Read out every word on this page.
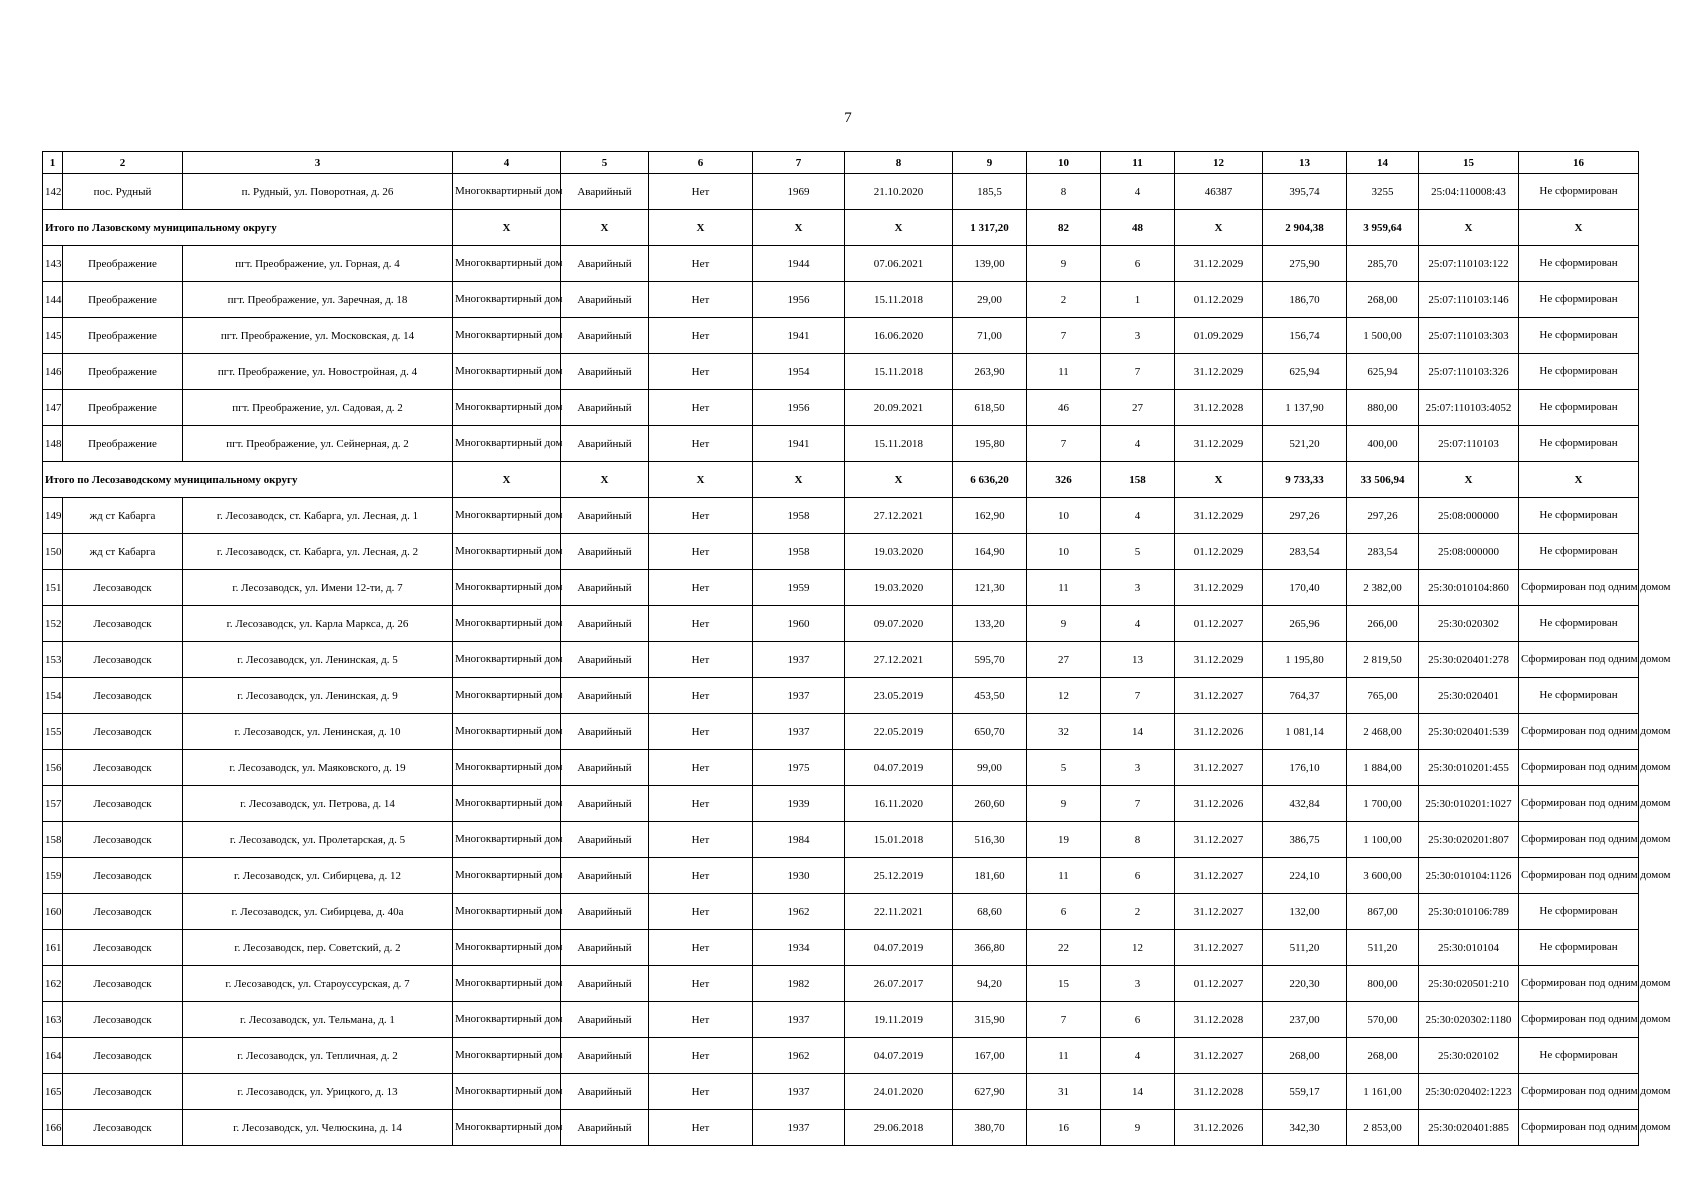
7
1	2	3	4	5	6	7	8	9	10	11	12	13	14	15	16
142	пос. Рудный	п. Рудный, ул. Поворотная, д. 26	Многоквартирный дом	Аварийный	Нет	1969	21.10.2020	185,5	8	4	46387	395,74	3255	25:04:110008:43	Не сформирован
Итого по Лазовскому муниципальному округу			X	X	X	X	X	1 317,20	82	48	X	2 904,38	3 959,64	X	X
143	Преображение	пгт. Преображение, ул. Горная, д. 4	Многоквартирный дом	Аварийный	Нет	1944	07.06.2021	139,00	9	6	31.12.2029	275,90	285,70	25:07:110103:122	Не сформирован
144	Преображение	пгт. Преображение, ул. Заречная, д. 18	Многоквартирный дом	Аварийный	Нет	1956	15.11.2018	29,00	2	1	01.12.2029	186,70	268,00	25:07:110103:146	Не сформирован
145	Преображение	пгт. Преображение, ул. Московская, д. 14	Многоквартирный дом	Аварийный	Нет	1941	16.06.2020	71,00	7	3	01.09.2029	156,74	1 500,00	25:07:110103:303	Не сформирован
146	Преображение	пгт. Преображение, ул. Новостройная, д. 4	Многоквартирный дом	Аварийный	Нет	1954	15.11.2018	263,90	11	7	31.12.2029	625,94	625,94	25:07:110103:326	Не сформирован
147	Преображение	пгт. Преображение, ул. Садовая, д. 2	Многоквартирный дом	Аварийный	Нет	1956	20.09.2021	618,50	46	27	31.12.2028	1 137,90	880,00	25:07:110103:4052	Не сформирован
148	Преображение	пгт. Преображение, ул. Сейнерная, д. 2	Многоквартирный дом	Аварийный	Нет	1941	15.11.2018	195,80	7	4	31.12.2029	521,20	400,00	25:07:110103	Не сформирован
Итого по Лесозаводскому муниципальному округу			X	X	X	X	X	6 636,20	326	158	X	9 733,33	33 506,94	X	X
149	жд ст Кабарга	г. Лесозаводск, ст. Кабарга, ул. Лесная, д. 1	Многоквартирный дом	Аварийный	Нет	1958	27.12.2021	162,90	10	4	31.12.2029	297,26	297,26	25:08:000000	Не сформирован
150	жд ст Кабарга	г. Лесозаводск, ст. Кабарга, ул. Лесная, д. 2	Многоквартирный дом	Аварийный	Нет	1958	19.03.2020	164,90	10	5	01.12.2029	283,54	283,54	25:08:000000	Не сформирован
151	Лесозаводск	г. Лесозаводск, ул. Имени 12-ти, д. 7	Многоквартирный дом	Аварийный	Нет	1959	19.03.2020	121,30	11	3	31.12.2029	170,40	2 382,00	25:30:010104:860	Сформирован под одним домом
152	Лесозаводск	г. Лесозаводск, ул. Карла Маркса, д. 26	Многоквартирный дом	Аварийный	Нет	1960	09.07.2020	133,20	9	4	01.12.2027	265,96	266,00	25:30:020302	Не сформирован
153	Лесозаводск	г. Лесозаводск, ул. Ленинская, д. 5	Многоквартирный дом	Аварийный	Нет	1937	27.12.2021	595,70	27	13	31.12.2029	1 195,80	2 819,50	25:30:020401:278	Сформирован под одним домом
154	Лесозаводск	г. Лесозаводск, ул. Ленинская, д. 9	Многоквартирный дом	Аварийный	Нет	1937	23.05.2019	453,50	12	7	31.12.2027	764,37	765,00	25:30:020401	Не сформирован
155	Лесозаводск	г. Лесозаводск, ул. Ленинская, д. 10	Многоквартирный дом	Аварийный	Нет	1937	22.05.2019	650,70	32	14	31.12.2026	1 081,14	2 468,00	25:30:020401:539	Сформирован под одним домом
156	Лесозаводск	г. Лесозаводск, ул. Маяковского, д. 19	Многоквартирный дом	Аварийный	Нет	1975	04.07.2019	99,00	5	3	31.12.2027	176,10	1 884,00	25:30:010201:455	Сформирован под одним домом
157	Лесозаводск	г. Лесозаводск, ул. Петрова, д. 14	Многоквартирный дом	Аварийный	Нет	1939	16.11.2020	260,60	9	7	31.12.2026	432,84	1 700,00	25:30:010201:1027	Сформирован под одним домом
158	Лесозаводск	г. Лесозаводск, ул. Пролетарская, д. 5	Многоквартирный дом	Аварийный	Нет	1984	15.01.2018	516,30	19	8	31.12.2027	386,75	1 100,00	25:30:020201:807	Сформирован под одним домом
159	Лесозаводск	г. Лесозаводск, ул. Сибирцева, д. 12	Многоквартирный дом	Аварийный	Нет	1930	25.12.2019	181,60	11	6	31.12.2027	224,10	3 600,00	25:30:010104:1126	Сформирован под одним домом
160	Лесозаводск	г. Лесозаводск, ул. Сибирцева, д. 40а	Многоквартирный дом	Аварийный	Нет	1962	22.11.2021	68,60	6	2	31.12.2027	132,00	867,00	25:30:010106:789	Не сформирован
161	Лесозаводск	г. Лесозаводск, пер. Советский, д. 2	Многоквартирный дом	Аварийный	Нет	1934	04.07.2019	366,80	22	12	31.12.2027	511,20	511,20	25:30:010104	Не сформирован
162	Лесозаводск	г. Лесозаводск, ул. Староуссурская, д. 7	Многоквартирный дом	Аварийный	Нет	1982	26.07.2017	94,20	15	3	01.12.2027	220,30	800,00	25:30:020501:210	Сформирован под одним домом
163	Лесозаводск	г. Лесозаводск, ул. Тельмана, д. 1	Многоквартирный дом	Аварийный	Нет	1937	19.11.2019	315,90	7	6	31.12.2028	237,00	570,00	25:30:020302:1180	Сформирован под одним домом
164	Лесозаводск	г. Лесозаводск, ул. Тепличная, д. 2	Многоквартирный дом	Аварийный	Нет	1962	04.07.2019	167,00	11	4	31.12.2027	268,00	268,00	25:30:020102	Не сформирован
165	Лесозаводск	г. Лесозаводск, ул. Урицкого, д. 13	Многоквартирный дом	Аварийный	Нет	1937	24.01.2020	627,90	31	14	31.12.2028	559,17	1 161,00	25:30:020402:1223	Сформирован под одним домом
166	Лесозаводск	г. Лесозаводск, ул. Челюскина, д. 14	Многоквартирный дом	Аварийный	Нет	1937	29.06.2018	380,70	16	9	31.12.2026	342,30	2 853,00	25:30:020401:885	Сформирован под одним домом
